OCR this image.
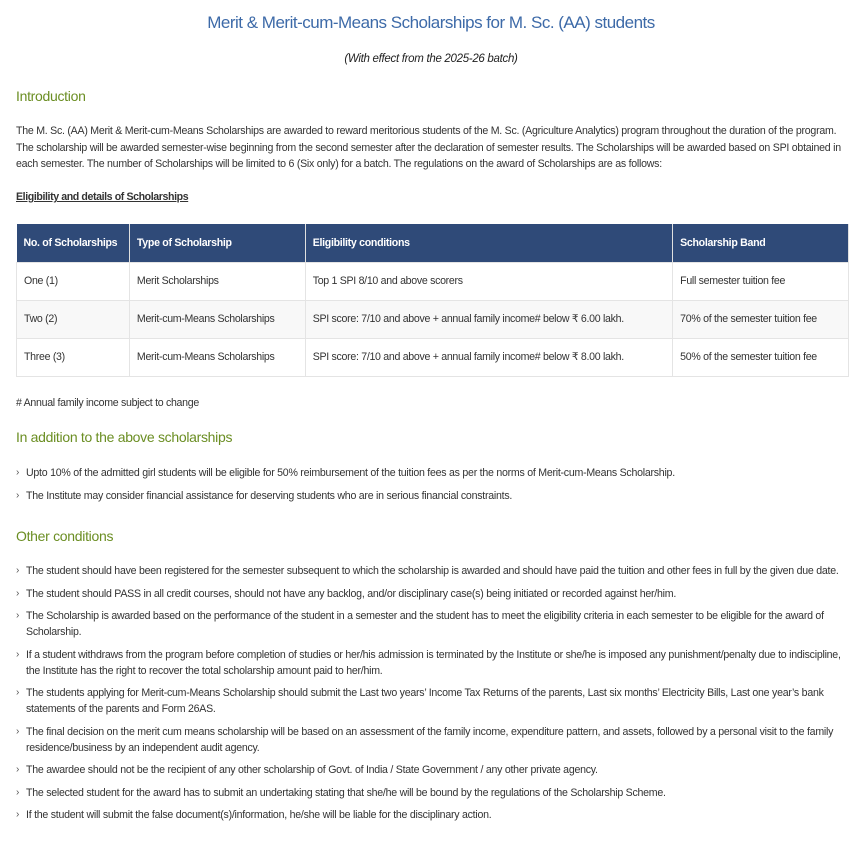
Merit & Merit-cum-Means Scholarships for M. Sc. (AA) students
(With effect from the 2025-26 batch)
Introduction

The M. Sc. (AA) Merit & Merit-cum-Means Scholarships are awarded to reward meritorious students of the M. Sc. (Agriculture Analytics) program throughout the duration of the program. The scholarship will be awarded semester-wise beginning from the second semester after the declaration of semester results. The Scholarships will be awarded based on SPI obtained in each semester. The number of Scholarships will be limited to 6 (Six only) for a batch. The regulations on the award of Scholarships are as follows:

Eligibility and details of Scholarships
No. of Scholarships	Type of Scholarship	Eligibility conditions	Scholarship Band
One (1)	Merit Scholarships	Top 1 SPI 8/10 and above scorers	Full semester tuition fee
Two (2)	Merit-cum-Means Scholarships	SPI score: 7/10 and above + annual family income# below ₹ 6.00 lakh.	70% of the semester tuition fee
Three (3)	Merit-cum-Means Scholarships	SPI score: 7/10 and above + annual family income# below ₹ 8.00 lakh.	50% of the semester tuition fee
# Annual family income subject to change
In addition to the above scholarships
› Upto 10% of the admitted girl students will be eligible for 50% reimbursement of the tuition fees as per the norms of Merit-cum-Means Scholarship.
› The Institute may consider financial assistance for deserving students who are in serious financial constraints.
Other conditions
› The student should have been registered for the semester subsequent to which the scholarship is awarded and should have paid the tuition and other fees in full by the given due date.
› The student should PASS in all credit courses, should not have any backlog, and/or disciplinary case(s) being initiated or recorded against her/him.
› The Scholarship is awarded based on the performance of the student in a semester and the student has to meet the eligibility criteria in each semester to be eligible for the award of Scholarship.
› If a student withdraws from the program before completion of studies or her/his admission is terminated by the Institute or she/he is imposed any punishment/penalty due to indiscipline, the Institute has the right to recover the total scholarship amount paid to her/him.
› The students applying for Merit-cum-Means Scholarship should submit the Last two years’ Income Tax Returns of the parents, Last six months’ Electricity Bills, Last one year’s bank statements of the parents and Form 26AS.
› The final decision on the merit cum means scholarship will be based on an assessment of the family income, expenditure pattern, and assets, followed by a personal visit to the family residence/business by an independent audit agency.
› The awardee should not be the recipient of any other scholarship of Govt. of India / State Government / any other private agency.
› The selected student for the award has to submit an undertaking stating that she/he will be bound by the regulations of the Scholarship Scheme.
› If the student will submit the false document(s)/information, he/she will be liable for the disciplinary action.
